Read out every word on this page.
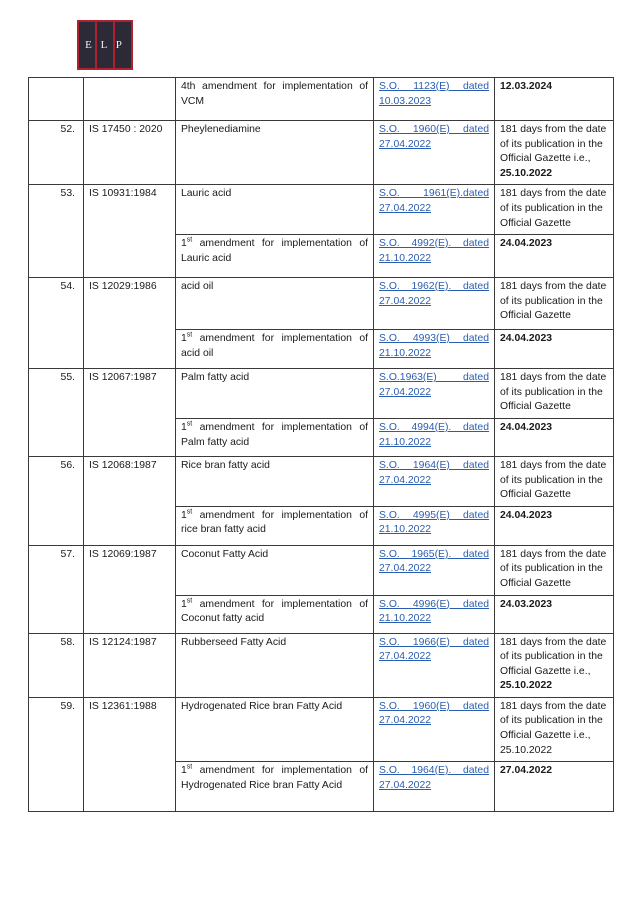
E L P
		4th amendment for implementation of VCM	S.O. 1123(E) dated
10.03.2023	12.03.2024
52.	IS 17450 : 2020	Pheylenediamine	S.O. 1960(E) dated
27.04.2022	181 days from the date of its publication in the Official Gazette i.e.,
25.10.2022

53.	IS 10931:1984	Lauric acid	S.O. 1961(E).dated
27.04.2022	181 days from the date of its publication in the Official Gazette
		1st amendment for implementation of Lauric acid	S.O. 4992(E). dated
21.10.2022	24.04.2023
54.	IS 12029:1986	acid oil	S.O. 1962(E). dated
27.04.2022	181 days from the date of its publication in the Official Gazette
		1st amendment for implementation of acid oil	S.O. 4993(E) dated
21.10.2022	24.04.2023
55.	IS 12067:1987	Palm fatty acid	S.O.1963(E) dated
27.04.2022	181 days from the date of its publication in the Official Gazette
		1st amendment for implementation of Palm fatty acid	S.O. 4994(E). dated
21.10.2022	24.04.2023
56.	IS 12068:1987	Rice bran fatty acid	S.O. 1964(E) dated
27.04.2022	181 days from the date of its publication in the Official Gazette
		1st amendment for implementation of rice bran fatty acid	S.O. 4995(E) dated
21.10.2022	24.04.2023
57.	IS 12069:1987	Coconut Fatty Acid	S.O. 1965(E). dated
27.04.2022	181 days from the date of its publication in the Official Gazette
		1st amendment for implementation of Coconut fatty acid	S.O. 4996(E) dated
21.10.2022	24.03.2023
58.	IS 12124:1987	Rubberseed Fatty Acid	S.O. 1966(E) dated
27.04.2022	181 days from the date of its publication in the Official Gazette i.e.,
25.10.2022

59.	IS 12361:1988	Hydrogenated Rice bran Fatty Acid	S.O. 1960(E) dated
27.04.2022	181 days from the date of its publication in the Official Gazette i.e., 25.10.2022
		1st amendment for implementation of Hydrogenated Rice bran Fatty Acid	S.O. 1964(E). dated
27.04.2022	27.04.2022
